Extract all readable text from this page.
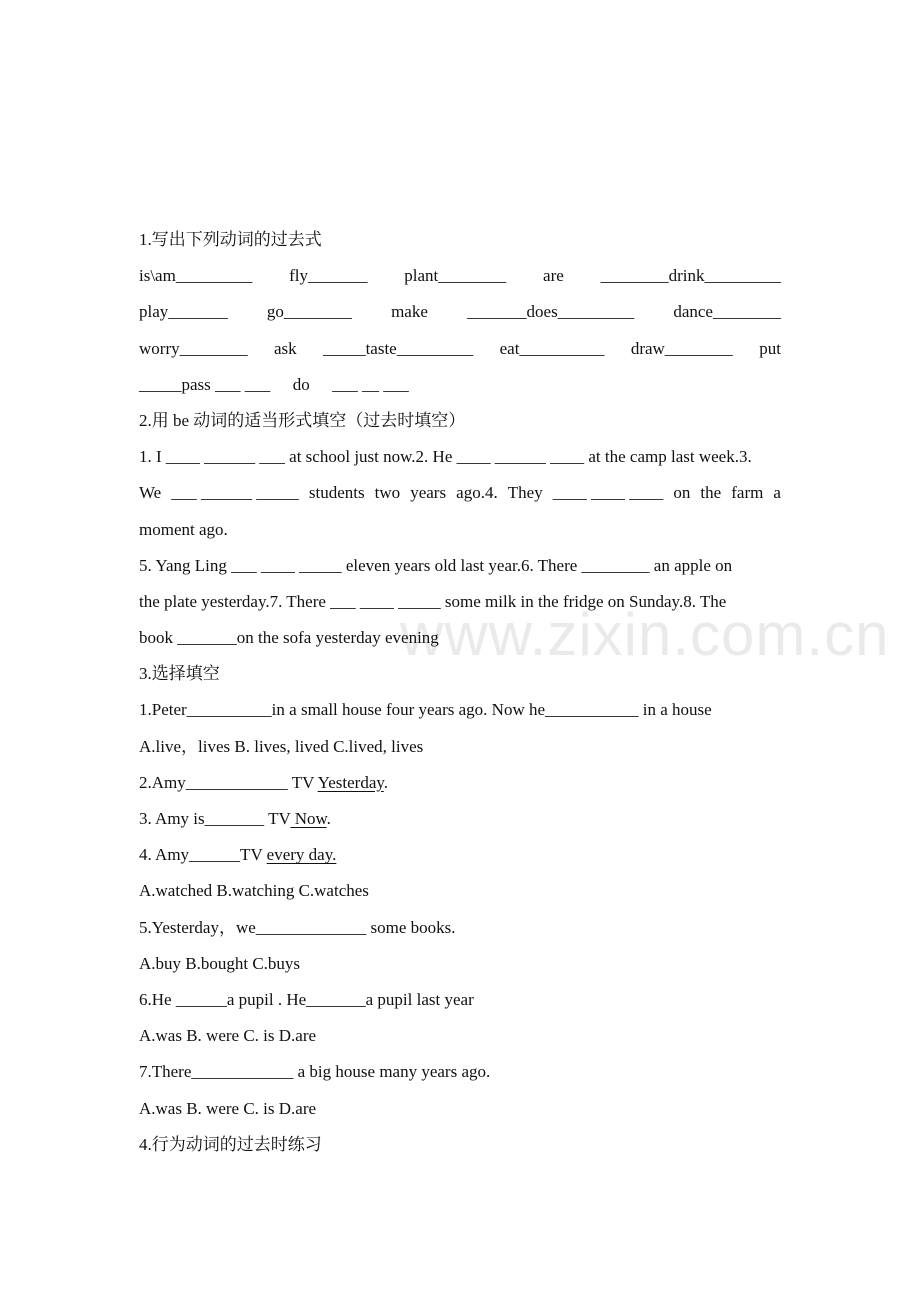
www.zixin.com.cn
1.写出下列动词的过去式
is\am_________ fly_______ plant________ are ________drink_________
play_______ go________ make _______does_________ dance________
worry________ ask _____taste_________ eat__________ draw________ put
_____pass ___ ___ do ___ __ ___
2.用 be 动词的适当形式填空（过去时填空）
1. I ____ ______ ___ at school just now.2. He ____ ______ ____ at the camp last week.3.
We ___ ______ _____ students two years ago.4. They ____ ____ ____ on the farm a
moment ago.
5. Yang Ling ___ ____ _____ eleven years old last year.6. There ________ an apple on
the plate yesterday.7. There ___ ____ _____ some milk in the fridge on Sunday.8. The
book _______on the sofa yesterday evening
3.选择填空
1.Peter__________in a small house four years ago. Now he___________ in a house
A.live，lives B. lives, lived C.lived, lives
2.Amy____________ TV Yesterday.
3. Amy is_______ TV Now.
4. Amy______TV every day.
A.watched B.watching C.watches
5.Yesterday，we_____________ some books.
A.buy B.bought C.buys
6.He ______a pupil . He_______a pupil last year
A.was B. were C. is D.are
7.There____________ a big house many years ago.
A.was B. were C. is D.are
4.行为动词的过去时练习
